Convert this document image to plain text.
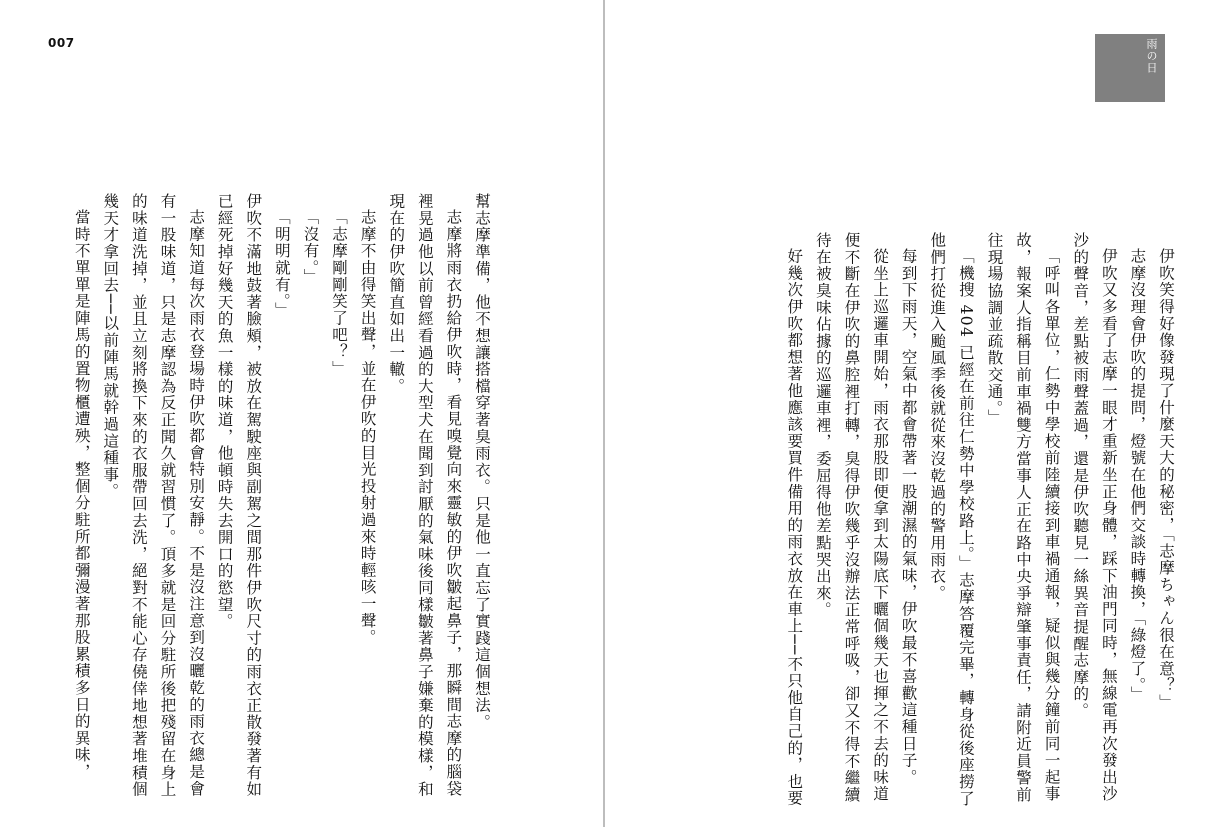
007

幫志摩準備，他不想讓搭檔穿著臭雨衣。只是他一直忘了實踐這個想法。

志摩將雨衣扔給伊吹時，看見嗅覺向來靈敏的伊吹皺起鼻子，那瞬間志摩的腦袋裡晃過他以前曾經看過的大型犬在聞到討厭的氣味後同樣皺著鼻子嫌棄的模樣，和現在的伊吹簡直如出一轍。

志摩不由得笑出聲，並在伊吹的目光投射過來時輕咳一聲。

「志摩剛剛笑了吧？」

「沒有。」

「明明就有。」

伊吹不滿地鼓著臉頰，被放在駕駛座與副駕之間那件伊吹尺寸的雨衣正散發著有如已經死掉好幾天的魚一樣的味道，他頓時失去開口的慾望。

志摩知道每次雨衣登場時伊吹都會特別安靜。不是沒注意到沒曬乾的雨衣總是會有一股味道，只是志摩認為反正聞久就習慣了。頂多就是回分駐所後把殘留在身上的味道洗掉，並且立刻將換下來的衣服帶回去洗，絕對不能心存僥倖地想著堆積個幾天才拿回去──以前陣馬就幹過這種事。

當時不單單是陣馬的置物櫃遭殃，整個分駐所都彌漫著那股累積多日的異味，

雨の日

伊吹笑得好像發現了什麼天大的秘密，「志摩ちゃん很在意？」

志摩沒理會伊吹的提問，燈號在他們交談時轉換，「綠燈了。」

伊吹又多看了志摩一眼才重新坐正身體，踩下油門同時，無線電再次發出沙沙的聲音，差點被雨聲蓋過，還是伊吹聽見一絲異音提醒志摩的。

「呼叫各單位，仁勢中學校前陸續接到車禍通報，疑似與幾分鐘前同一起事故，報案人指稱目前車禍雙方當事人正在路中央爭辯肇事責任，請附近員警前往現場協調並疏散交通。」

「機搜 404 已經在前往仁勢中學校路上。」志摩答覆完畢，轉身從後座撈了他們打從進入颱風季後就從來沒乾過的警用雨衣。

每到下雨天，空氣中都會帶著一股潮濕的氣味，伊吹最不喜歡這種日子。

從坐上巡邏車開始，雨衣那股即便拿到太陽底下曬個幾天也揮之不去的味道便不斷在伊吹的鼻腔裡打轉，臭得伊吹幾乎沒辦法正常呼吸，卻又不得不繼續待在被臭味佔據的巡邏車裡，委屈得他差點哭出來。

好幾次伊吹都想著他應該要買件備用的雨衣放在車上──不只他自己的，也要
